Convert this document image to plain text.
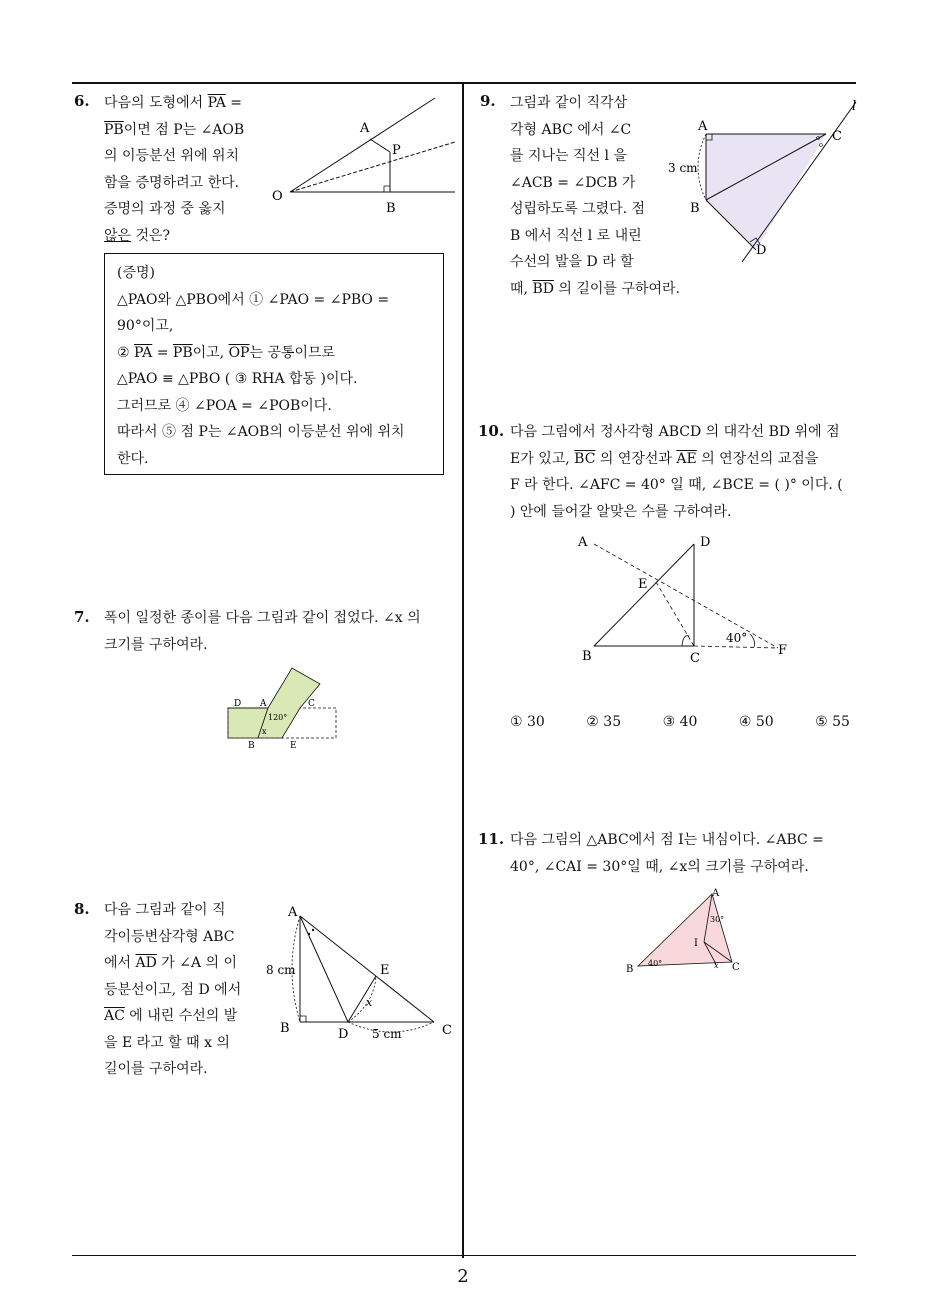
2
6. 다음의 도형에서 $\overline{PA}$ =
$\overline{PB}$이면 점 P는 ∠AOB
의 이등분선 위에 위치
함을 증명하려고 한다.
증명의 과정 중 옳지
않은 것은?
A
P
O
B
(증명)
△PAO와 △PBO에서 ① ∠PAO = ∠PBO =
90°이고,
② $\overline{PA} = \overline{PB}$이고, $\overline{OP}$는 공통이므로
△PAO ≡ △PBO ( ③ RHA 합동 )이다.
그러므로 ④ ∠POA = ∠POB이다.
따라서 ⑤ 점 P는 ∠AOB의 이등분선 위에 위치
한다.
7. 폭이 일정한 종이를 다음 그림과 같이 접었다. ∠x 의
크기를 구하여라.
D A	C
120°
x
B	E
8. 다음 그림과 같이 직
각이등변삼각형 ABC
에서 $\overline{AD}$ 가 ∠A 의 이
등분선이고, 점 D 에서
$\overline{AC}$ 에 내린 수선의 발
을 E 라고 할 때 x 의
길이를 구하여라.
A
E
B	D	C
8 cm
5 cm
x
9. 그림과 같이 직각삼
각형 ABC 에서 ∠C
를 지나는 직선 l 을
∠ACB = ∠DCB 가
성립하도록 그렸다. 점
B 에서 직선 l 로 내린
수선의 발을 D 라 할
때, $\overline{BD}$ 의 길이를 구하여라.
l
A
C
B
D
3 cm
10. 다음 그림에서 정사각형 ABCD 의 대각선 BD 위에 점
E가 있고, $\overline{BC}$ 의 연장선과 $\overline{AE}$ 의 연장선의 교점을
F 라 한다. ∠AFC = 40° 일 때, ∠BCE = ( )° 이다. (
) 안에 들어갈 알맞은 수를 구하여라.
A	D
E
B	C
F
40°
① 30	② 35	③ 40	④ 50	⑤ 55
11. 다음 그림의 △ABC에서 점 I는 내심이다. ∠ABC =
40°, ∠CAI = 30°일 때, ∠x의 크기를 구하여라.
A
I
B	C
30°
40°	x
